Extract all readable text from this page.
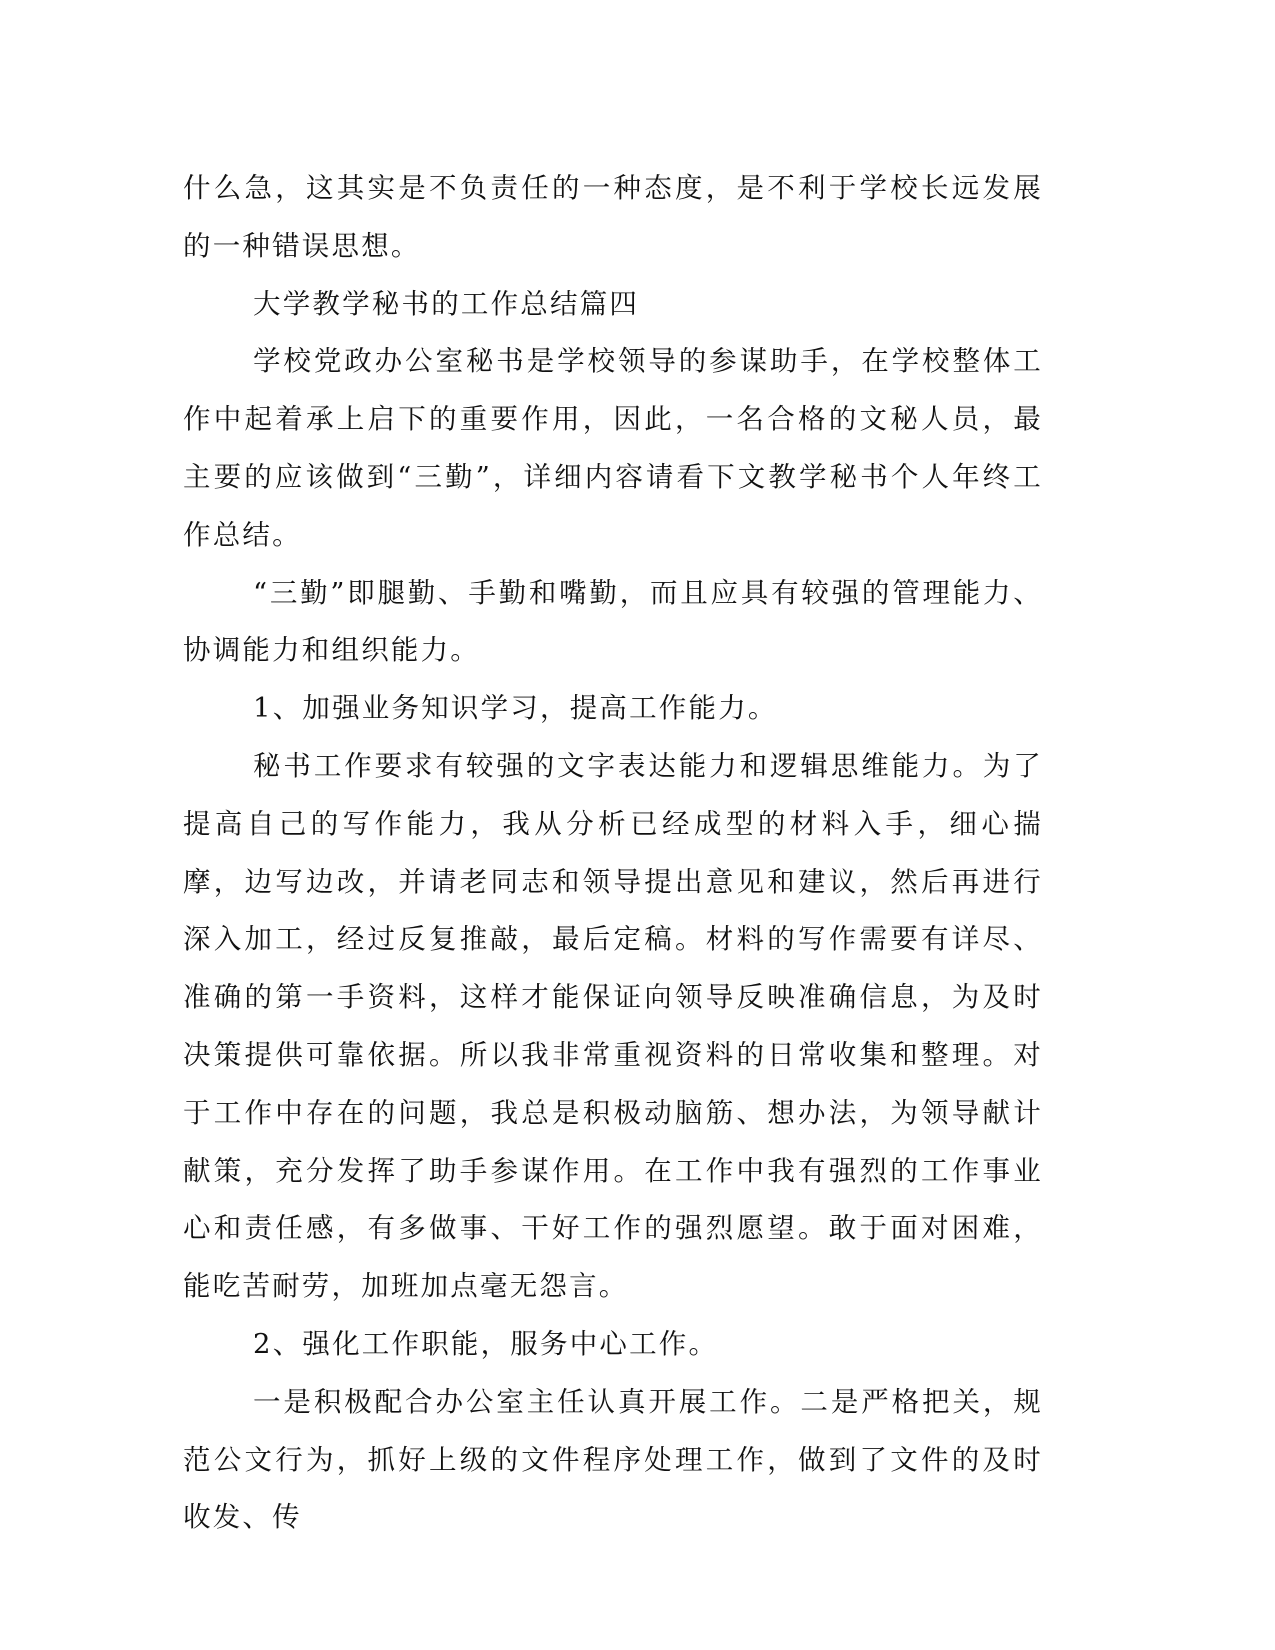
什么急，这其实是不负责任的一种态度，是不利于学校长远发展的一种错误思想。

大学教学秘书的工作总结篇四

学校党政办公室秘书是学校领导的参谋助手，在学校整体工作中起着承上启下的重要作用，因此，一名合格的文秘人员，最主要的应该做到“三勤”，详细内容请看下文教学秘书个人年终工作总结。

“三勤”即腿勤、手勤和嘴勤，而且应具有较强的管理能力、协调能力和组织能力。

1、加强业务知识学习，提高工作能力。

秘书工作要求有较强的文字表达能力和逻辑思维能力。为了提高自己的写作能力，我从分析已经成型的材料入手，细心揣摩，边写边改，并请老同志和领导提出意见和建议，然后再进行深入加工，经过反复推敲，最后定稿。材料的写作需要有详尽、准确的第一手资料，这样才能保证向领导反映准确信息，为及时决策提供可靠依据。所以我非常重视资料的日常收集和整理。对于工作中存在的问题，我总是积极动脑筋、想办法，为领导献计献策，充分发挥了助手参谋作用。在工作中我有强烈的工作事业心和责任感，有多做事、干好工作的强烈愿望。敢于面对困难，能吃苦耐劳，加班加点毫无怨言。

2、强化工作职能，服务中心工作。

一是积极配合办公室主任认真开展工作。二是严格把关，规范公文行为，抓好上级的文件程序处理工作，做到了文件的及时收发、传
